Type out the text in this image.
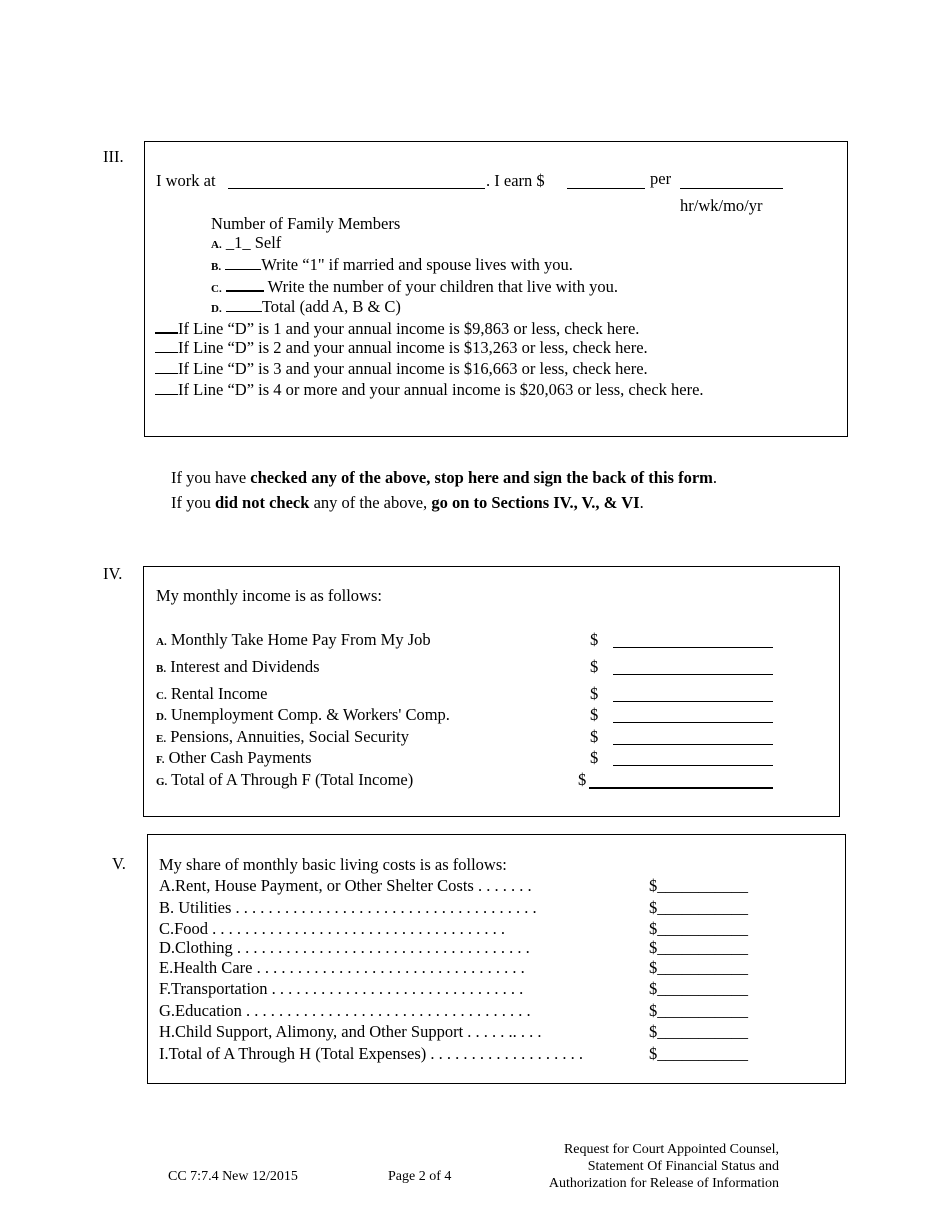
III.
I work at	. I earn $	per
hr/wk/mo/yr
Number of Family Members
A. _1_ Self
B. Write “1" if married and spouse lives with you.
C.	Write the number of your children that live with you.
D. Total (add A, B & C)
If Line “D” is 1 and your annual income is $9,863 or less, check here.
If Line “D” is 2 and your annual income is $13,263 or less, check here.
If Line “D” is 3 and your annual income is $16,663 or less, check here.
If Line “D” is 4 or more and your annual income is $20,063 or less, check here.
If you have checked any of the above, stop here and sign the back of this form.
If you did not check any of the above, go on to Sections IV., V., & VI.
IV.
My monthly income is as follows:
A. Monthly Take Home Pay From My Job	$
B. Interest and Dividends	$
C. Rental Income	$
D. Unemployment Comp. & Workers' Comp.	$
E. Pensions, Annuities, Social Security	$
F. Other Cash Payments	$
G. Total of A Through F (Total Income)	$
V. My share of monthly basic living costs is as follows:
A.Rent, House Payment, or Other Shelter Costs . . . . . . .	$___________
B. Utilities . . . . . . . . . . . . . . . . . . . . . . . . . . . . . . . . . . . . .	$___________
C.Food . . . . . . . . . . . . . . . . . . . . . . . . . . . . . . . . . . . .	$___________
D.Clothing . . . . . . . . . . . . . . . . . . . . . . . . . . . . . . . . . . . .	$___________
E.Health Care . . . . . . . . . . . . . . . . . . . . . . . . . . . . . . . . .	$___________
F.Transportation . . . . . . . . . . . . . . . . . . . . . . . . . . . . . . .	$___________
G.Education . . . . . . . . . . . . . . . . . . . . . . . . . . . . . . . . . . .	$___________
H.Child Support, Alimony, and Other Support . . . . . .. . . .	$___________
I.Total of A Through H (Total Expenses) . . . . . . . . . . . . . . . . . . .	$___________
CC 7:7.4 New 12/2015	Page 2 of 4
Request for Court Appointed Counsel,
Statement Of Financial Status and
Authorization for Release of Information
